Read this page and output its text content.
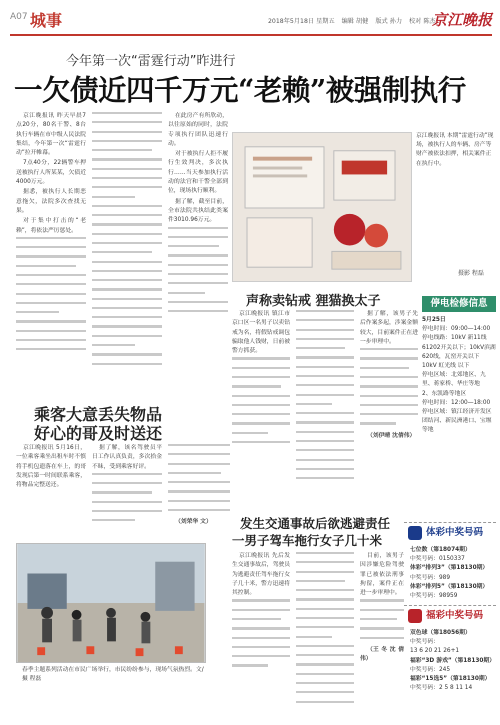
A07 城事	2018年5月18日 星期五 编辑 胡健 版式 孙力 校对 陈杰
京江晚报
今年第一次“雷霆行动”昨进行
一欠债近四千万元“老赖”被强制执行

京江晚报讯 昨天早晨7点20分，80名干警、8台执行车辆在市中级人民法院集结，今年第一次“雷霆行动”拉开帷幕。

7点40分，22辆警车押送被执行人所某某，欠债近4000万元。

据悉，被执行人长期恶意拖欠，法院多次查找无果。

对于集中打击的“老赖”，将依法严厉惩处。

在此房产有所欣动，以往原始的同时，法院专项执行团队迅速行动。

对于被执行人拒不履行生效判决，多次执行……当天参加执行活动的法官和干警全部到位，现场执行顺利。

据了解，截至目前，全市法院共执结此类案件3010.96万元。

京江晚报讯 本期“雷霆行动”现场，被执行人的车辆、房产等财产被依法扣押，相关案件正在执行中。
摄影 程磊
乘客大意丢失物品
好心的哥及时送还

京江晚报讯 5月16日，一位乘客乘坐出租车时不慎将手机包遗落在车上，的哥发现后第一时间联系乘客，将物品完整送还。

据了解，该名驾驶员平日工作认真负责，多次拾金不昧，受到乘客好评。

（刘荣华 文）

春季主题系列活动在市民广场举行，市民纷纷参与，现场气氛热烈。文/摄 程磊
声称卖钻戒 狸猫换太子

京江晚报讯 镇江市京口区一名男子以卖钻戒为名，将假钻戒调包骗取他人钱财，日前被警方抓获。

据了解，该男子先后作案多起，涉案金额较大，目前案件正在进一步审理中。

（刘伊晴 沈倩伟）

发生交通事故后欲逃避责任
一男子驾车拖行女子几十米

京江晚报讯 先后发生交通事故后，驾驶员为逃避责任驾车拖行女子几十米，警方迅速将其控制。

目前，该男子因涉嫌危险驾驶罪已被依法刑事拘留，案件正在进一步审理中。

（王 冬 沈 倩 伟）

停电检修信息
5月25日
停电时间：09:00—14:00
停电线路：10kV 新11线
61202开关以下；10kV滨湖620线，瓦窑开关以下
10kV 虹光线 以下
停电区域：北郊地区、九里、蒋家桥、华庄等地
2、东凯路等地区
停电时间：12:00—18:00
停电区域：镇江经济开发区团结河、新民洲港口、宝堰等地
体彩中奖号码
七位数（第18074期）
中奖号码：0150337
体彩“排列3”（第18130期）
中奖号码：989
体彩“排列5”（第18130期）
中奖号码：98959
福彩中奖号码
双色球（第18056期）
中奖号码：
13 6 20 21 26+1
福彩“3D 游戏”（第18130期）
中奖号码：245
福彩“15选5”（第18130期）
中奖号码：2 5 8 11 14
